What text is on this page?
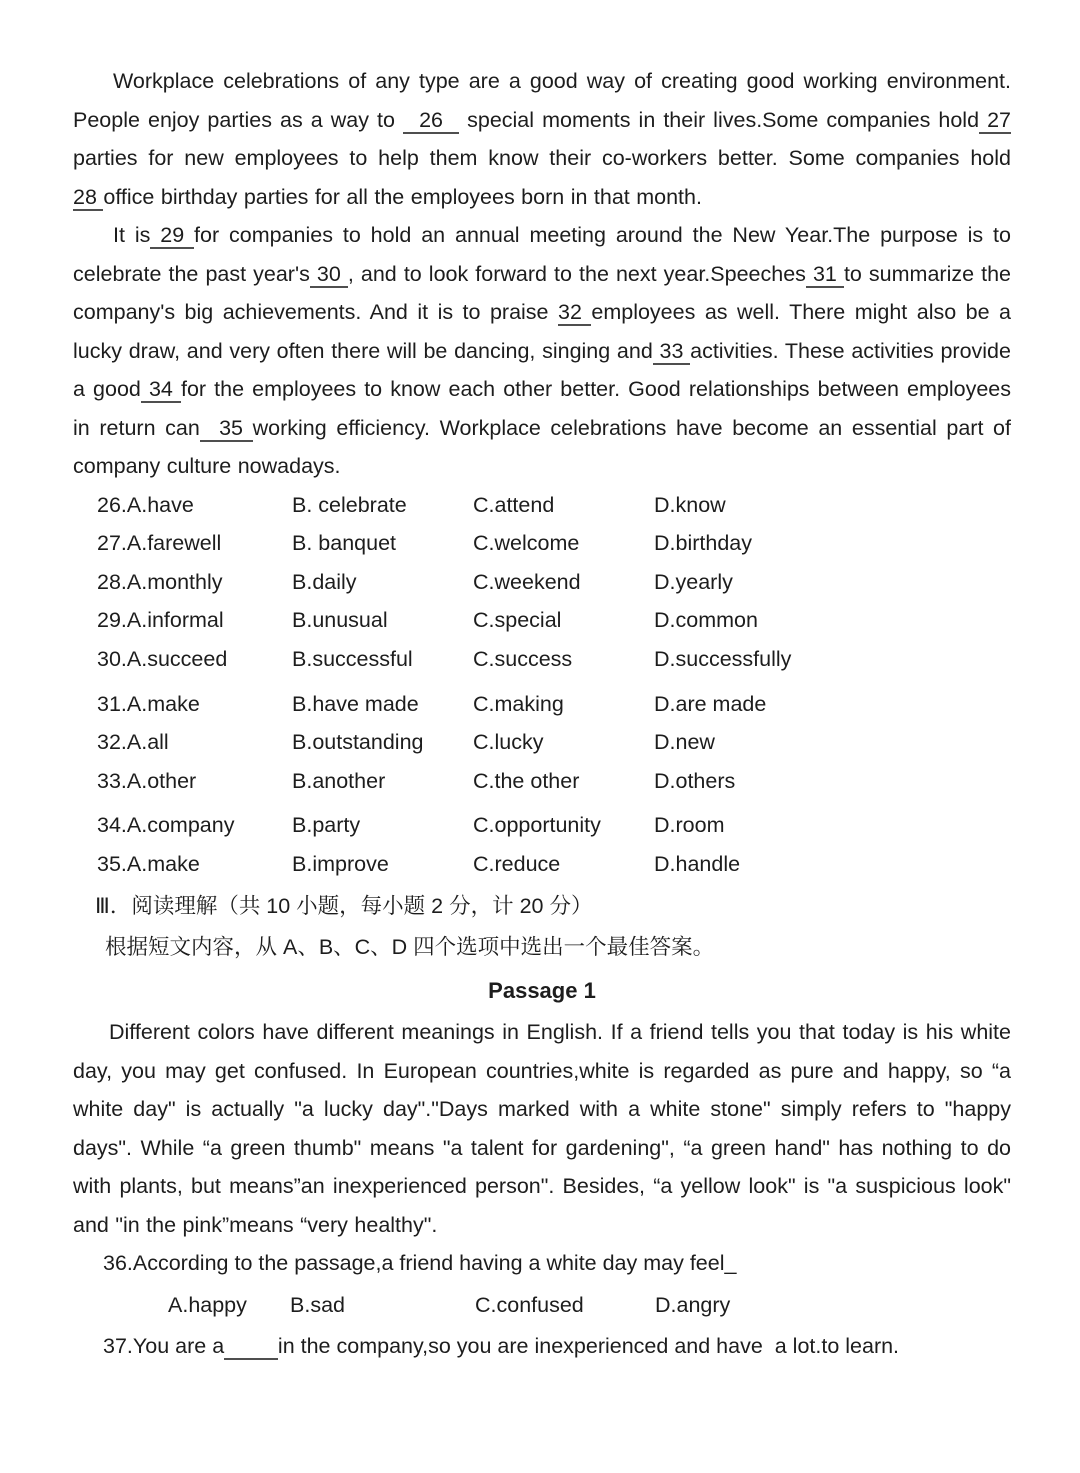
Workplace celebrations of any type are a good way of creating good working environment. People enjoy parties as a way to   26   special moments in their lives.Some companies hold 27 parties for new employees to help them know their co-workers better. Some companies hold 28 office birthday parties for all the employees born in that month.

It is 29 for companies to hold an annual meeting around the New Year.The purpose is to celebrate the past year's 30 , and to look forward to the next year.Speeches 31 to summarize the company's big achievements. And it is to praise 32 employees as well. There might also be a lucky draw, and very often there will be dancing, singing and 33 activities. These activities provide a good 34 for the employees to know each other better. Good relationships between employees in return can  35 working efficiency. Workplace celebrations have become an essential part of company culture nowadays.

26.A.have	B. celebrate	C.attend	D.know
27.A.farewell	B. banquet	C.welcome	D.birthday
28.A.monthly	B.daily	C.weekend	D.yearly
29.A.informal	B.unusual	C.special	D.common
30.A.succeed	B.successful	C.success	D.successfully
31.A.make	B.have made	C.making	D.are made
32.A.all	B.outstanding	C.lucky	D.new
33.A.other	B.another	C.the other	D.others
34.A.company	B.party	C.opportunity	D.room
35.A.make	B.improve	C.reduce	D.handle
Ⅲ．阅读理解（共 10 小题，每小题 2 分，计 20 分）
根据短文内容，从 A、B、C、D 四个选项中选出一个最佳答案。
Passage 1

Different colors have different meanings in English. If a friend tells you that today is his white day, you may get confused. In European countries,white is regarded as pure and happy, so “a white day" is actually "a lucky day"."Days marked with a white stone" simply refers to "happy days". While “a green thumb" means "a talent for gardening", “a green hand" has nothing to do with plants, but means”an inexperienced person". Besides, “a yellow look" is "a suspicious look" and "in the pink”means “very healthy".

36.According to the passage,a friend having a white day may feel_
A.happy	B.sad	C.confused	D.angry
37.You are a	in the company,so you are inexperienced and have  a lot.to learn.
